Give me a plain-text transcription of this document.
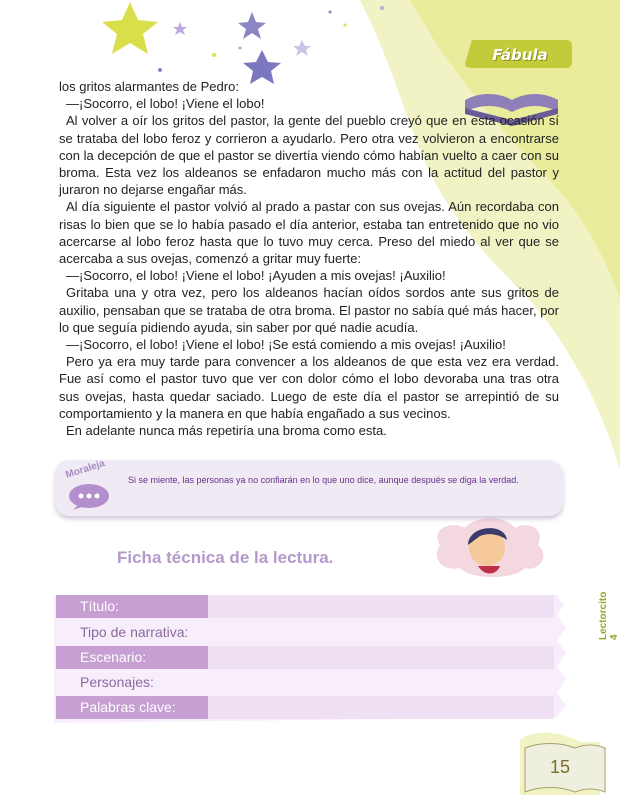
Fábula

los gritos alarmantes de Pedro:

—¡Socorro, el lobo! ¡Viene el lobo!

Al volver a oír los gritos del pastor, la gente del pueblo creyó que en esta ocasión sí se trataba del lobo feroz y corrieron a ayudarlo. Pero otra vez volvieron a encontrarse con la decepción de que el pastor se divertía viendo cómo habían vuelto a caer con su broma. Esta vez los aldeanos se enfadaron mucho más con la actitud del pastor y juraron no dejarse engañar más.

Al día siguiente el pastor volvió al prado a pastar con sus ovejas. Aún recordaba con risas lo bien que se lo había pasado el día anterior, estaba tan entretenido que no vio acercarse al lobo feroz hasta que lo tuvo muy cerca. Preso del miedo al ver que se acercaba a sus ovejas, comenzó a gritar muy fuerte:

—¡Socorro, el lobo! ¡Viene el lobo! ¡Ayuden a mis ovejas! ¡Auxilio!

Gritaba una y otra vez, pero los aldeanos hacían oídos sordos ante sus gritos de auxilio, pensaban que se trataba de otra broma. El pastor no sabía qué más hacer, por lo que seguía pidiendo ayuda, sin saber por qué nadie acudía.

—¡Socorro, el lobo! ¡Viene el lobo! ¡Se está comiendo a mis ovejas! ¡Auxilio!

Pero ya era muy tarde para convencer a los aldeanos de que esta vez era verdad. Fue así como el pastor tuvo que ver con dolor cómo el lobo devoraba una tras otra sus ovejas, hasta quedar saciado. Luego de este día el pastor se arrepintió de su comportamiento y la manera en que había engañado a sus vecinos.

En adelante nunca más repetiría una broma como esta.

Moraleja Si se miente, las personas ya no confiarán en lo que uno dice, aunque después se diga la verdad.
Ficha técnica de la lectura.
Título:
Tipo de narrativa:
Escenario:
Personajes:
Palabras clave:
Lectorcito 4
15
